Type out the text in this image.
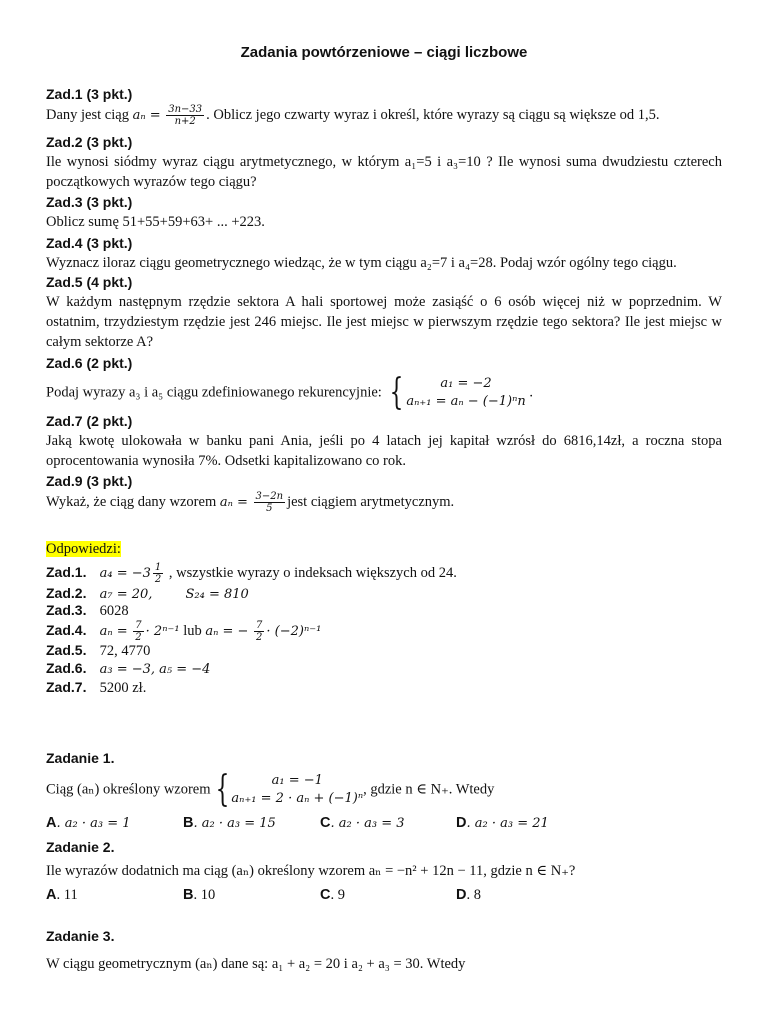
Zadania powtórzeniowe – ciągi liczbowe
Zad.1 (3 pkt.)
Dany jest ciąg $a_n = \frac{3n-33}{n+2}$ . Oblicz jego czwarty wyraz i określ, które wyrazy są ciągu są większe od 1,5.
Zad.2 (3 pkt.)
Ile wynosi siódmy wyraz ciągu arytmetycznego, w którym a₁=5 i a₃=10 ? Ile wynosi suma dwudziestu czterech początkowych wyrazów tego ciągu?
Zad.3 (3 pkt.)
Oblicz sumę 51+55+59+63+ ... +223.
Zad.4 (3 pkt.)
Wyznacz iloraz ciągu geometrycznego wiedząc, że w tym ciągu a₂=7 i a₄=28. Podaj wzór ogólny tego ciągu.
Zad.5 (4 pkt.)
W każdym następnym rzędzie sektora A hali sportowej może zasiąść o 6 osób więcej niż w poprzednim. W ostatnim, trzydziestym rzędzie jest 246 miejsc. Ile jest miejsc w pierwszym rzędzie tego sektora? Ile jest miejsc w całym sektorze A?
Zad.6 (2 pkt.)
Podaj wyrazy a₃ i a₅ ciągu zdefiniowanego rekurencyjnie: {	a₁ = −2
aₙ₊₁ = aₙ − (−1)ⁿn
.
Zad.7 (2 pkt.)
Jaką kwotę ulokowała w banku pani Ania, jeśli po 4 latach jej kapitał wzrósł do 6816,14zł, a roczna stopa oprocentowania wynosiła 7%. Odsetki kapitalizowano co rok.
Zad.9 (3 pkt.)
Wykaż, że ciąg dany wzorem $a_n = \frac{3-2n}{5}$ jest ciągiem arytmetycznym.
Odpowiedzi:
Zad.1. $a_4 = -3 \frac{1}{2}$ , wszystkie wyrazy o indeksach większych od 24.
Zad.2. a₇ = 20,        S₂₄ = 810
Zad.3. 6028
Zad.4. $a_n = \frac{7}{2} \cdot 2^{n-1}$ lub aₙ = − $\frac{7}{2} \cdot (-2)^{n-1}$
Zad.5. 72, 4770
Zad.6. a₃ = −3, a₅ = −4
Zad.7. 5200 zł.
Zadanie 1.
Ciąg (aₙ) określony wzorem {	a₁ = −1
aₙ₊₁ = 2 · aₙ + (−1)ⁿ
, gdzie n ∈ N₊. Wtedy
A. a₂ · a₃ = 1	B. a₂ · a₃ = 15	C. a₂ · a₃ = 3	D. a₂ · a₃ = 21
Zadanie 2.
Ile wyrazów dodatnich ma ciąg (aₙ) określony wzorem aₙ = −n² + 12n − 11, gdzie n ∈ N₊?
A. 11	B. 10	C. 9	D. 8
Zadanie 3.
W ciągu geometrycznym (aₙ) dane są: a₁ + a₂ = 20 i a₂ + a₃ = 30. Wtedy
